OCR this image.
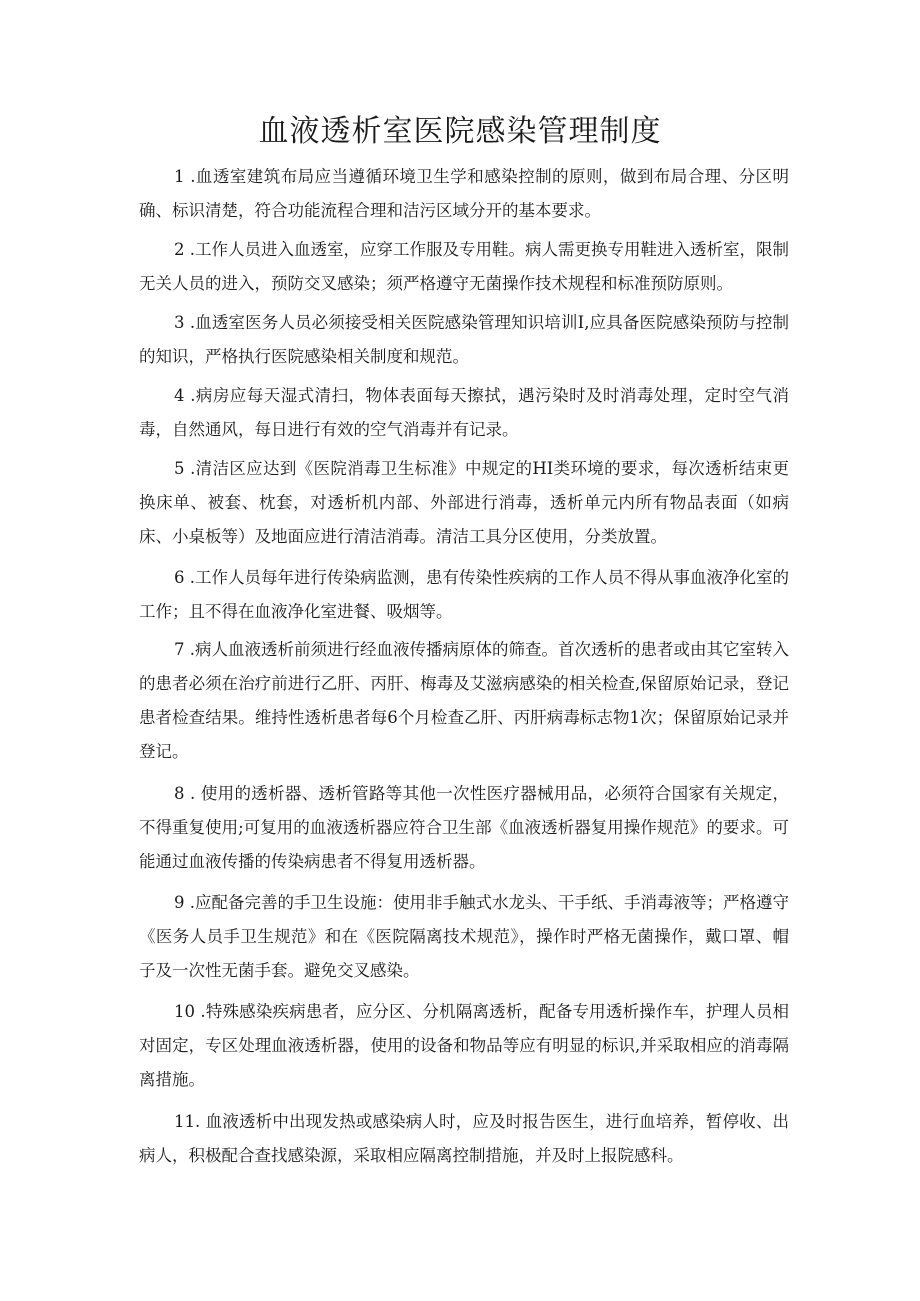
血液透析室医院感染管理制度

1 .血透室建筑布局应当遵循环境卫生学和感染控制的原则，做到布局合理、分区明确、标识清楚，符合功能流程合理和洁污区域分开的基本要求。

2 .工作人员进入血透室，应穿工作服及专用鞋。病人需更换专用鞋进入透析室，限制无关人员的进入，预防交叉感染；须严格遵守无菌操作技术规程和标准预防原则。

3 .血透室医务人员必须接受相关医院感染管理知识培训I,应具备医院感染预防与控制的知识，严格执行医院感染相关制度和规范。

4 .病房应每天湿式清扫，物体表面每天擦拭，遇污染时及时消毒处理，定时空气消毒，自然通风，每日进行有效的空气消毒并有记录。

5 .清洁区应达到《医院消毒卫生标准》中规定的HI类环境的要求，每次透析结束更换床单、被套、枕套，对透析机内部、外部进行消毒，透析单元内所有物品表面（如病床、小桌板等）及地面应进行清洁消毒。清洁工具分区使用，分类放置。

6 .工作人员每年进行传染病监测，患有传染性疾病的工作人员不得从事血液净化室的工作；且不得在血液净化室进餐、吸烟等。

7 .病人血液透析前须进行经血液传播病原体的筛查。首次透析的患者或由其它室转入的患者必须在治疗前进行乙肝、丙肝、梅毒及艾滋病感染的相关检查,保留原始记录，登记患者检查结果。维持性透析患者每6个月检查乙肝、丙肝病毒标志物1次；保留原始记录并登记。

8 . 使用的透析器、透析管路等其他一次性医疗器械用品，必须符合国家有关规定，不得重复使用;可复用的血液透析器应符合卫生部《血液透析器复用操作规范》的要求。可能通过血液传播的传染病患者不得复用透析器。

9 .应配备完善的手卫生设施：使用非手触式水龙头、干手纸、手消毒液等；严格遵守《医务人员手卫生规范》和在《医院隔离技术规范》，操作时严格无菌操作，戴口罩、帽子及一次性无菌手套。避免交叉感染。

10 .特殊感染疾病患者，应分区、分机隔离透析，配备专用透析操作车，护理人员相对固定，专区处理血液透析器，使用的设备和物品等应有明显的标识,并采取相应的消毒隔离措施。

11. 血液透析中出现发热或感染病人时，应及时报告医生，进行血培养，暂停收、出病人，积极配合查找感染源，采取相应隔离控制措施，并及时上报院感科。
